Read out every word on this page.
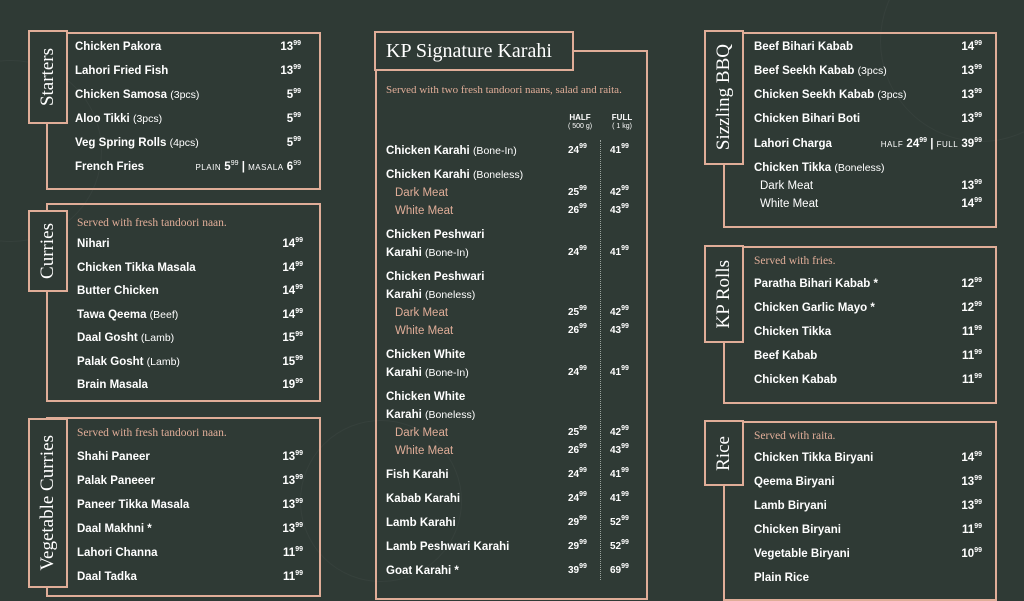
Starters
Chicken Pakora	$13^{99}$
Lahori Fried Fish	$13^{99}$
Chicken Samosa (3pcs)	$5^{99}$
Aloo Tikki (3pcs)	$5^{99}$
Veg Spring Rolls (4pcs)	$5^{99}$
French Fries	PLAIN $5^{99}$ | MASALA $6^{99}$
Curries
Served with fresh tandoori naan.
Nihari	$14^{99}$
Chicken Tikka Masala	$14^{99}$
Butter Chicken	$14^{99}$
Tawa Qeema (Beef)	$14^{99}$
Daal Gosht (Lamb)	$15^{99}$
Palak Gosht (Lamb)	$15^{99}$
Brain Masala	$19^{99}$
Vegetable Curries
Served with fresh tandoori naan.
Shahi Paneer	$13^{99}$
Palak Paneeer	$13^{99}$
Paneer Tikka Masala	$13^{99}$
Daal Makhni *	$13^{99}$
Lahori Channa	$11^{99}$
Daal Tadka	$11^{99}$
KP Signature Karahi
Served with two fresh tandoori naans, salad and raita.
HALF
( 500 g)
FULL
( 1 kg)
Chicken Karahi (Bone-In)	$24^{99}$ $41^{99}$
Chicken Karahi (Boneless)
Dark Meat	$25^{99}$ $42^{99}$
White Meat	$26^{99}$ $43^{99}$
Chicken Peshwari
Karahi (Bone-In)	$24^{99}$ $41^{99}$
Chicken Peshwari
Karahi (Boneless)
Dark Meat	$25^{99}$ $42^{99}$
White Meat	$26^{99}$ $43^{99}$
Chicken White
Karahi (Bone-In)	$24^{99}$ $41^{99}$
Chicken White
Karahi (Boneless)
Dark Meat	$25^{99}$ $42^{99}$
White Meat	$26^{99}$ $43^{99}$
Fish Karahi	$24^{99}$ $41^{99}$
Kabab Karahi	$24^{99}$ $41^{99}$
Lamb Karahi	$29^{99}$ $52^{99}$
Lamb Peshwari Karahi	$29^{99}$ $52^{99}$
Goat Karahi *	$39^{99}$ $69^{99}$
Sizzling BBQ Beef Bihari Kabab	$14^{99}$
Beef Seekh Kabab (3pcs)	$13^{99}$
Chicken Seekh Kabab (3pcs)	$13^{99}$
Chicken Bihari Boti	$13^{99}$
Lahori Charga	HALF $24^{99}$ | FULL $39^{99}$
Chicken Tikka (Boneless)
Dark Meat	$13^{99}$
White Meat	$14^{99}$
KP Rolls Served with fries.
Paratha Bihari Kabab *	$12^{99}$
Chicken Garlic Mayo *	$12^{99}$
Chicken Tikka	$11^{99}$
Beef Kabab	$11^{99}$
Chicken Kabab	$11^{99}$
Rice Served with raita.
Chicken Tikka Biryani	$14^{99}$
Qeema Biryani	$13^{99}$
Lamb Biryani	$13^{99}$
Chicken Biryani	$11^{99}$
Vegetable Biryani	$10^{99}$
Plain Rice
